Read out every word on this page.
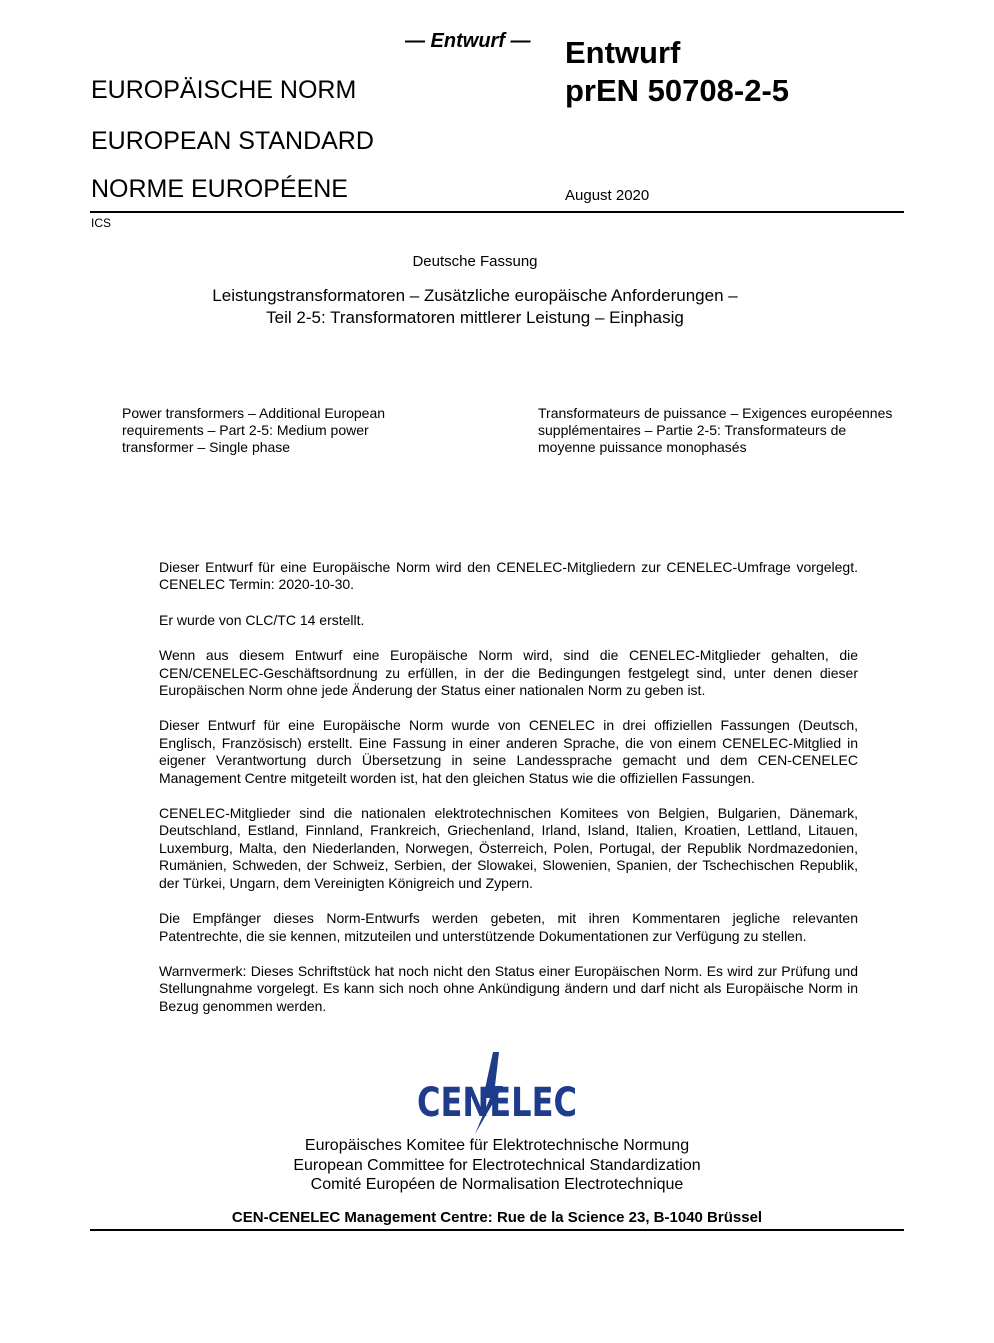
— Entwurf — Entwurf
prEN 50708-2-5
EUROPÄISCHE NORM
EUROPEAN STANDARD
NORME EUROPÉENE	August 2020
ICS
Deutsche Fassung
Leistungstransformatoren – Zusätzliche europäische Anforderungen –
Teil 2-5: Transformatoren mittlerer Leistung – Einphasig
Power transformers – Additional European requirements – Part 2-5: Medium power transformer – Single phase
Transformateurs de puissance – Exigences européennes supplémentaires – Partie 2-5: Transformateurs de moyenne puissance monophasés

Dieser Entwurf für eine Europäische Norm wird den CENELEC-Mitgliedern zur CENELEC-Umfrage vorgelegt. CENELEC Termin: 2020-10-30.

Er wurde von CLC/TC 14 erstellt.

Wenn aus diesem Entwurf eine Europäische Norm wird, sind die CENELEC-Mitglieder gehalten, die CEN/CENELEC-Geschäftsordnung zu erfüllen, in der die Bedingungen festgelegt sind, unter denen dieser Europäischen Norm ohne jede Änderung der Status einer nationalen Norm zu geben ist.

Dieser Entwurf für eine Europäische Norm wurde von CENELEC in drei offiziellen Fassungen (Deutsch, Englisch, Französisch) erstellt. Eine Fassung in einer anderen Sprache, die von einem CENELEC-Mitglied in eigener Verantwortung durch Übersetzung in seine Landessprache gemacht und dem CEN-CENELEC Management Centre mitgeteilt worden ist, hat den gleichen Status wie die offiziellen Fassungen.

CENELEC-Mitglieder sind die nationalen elektrotechnischen Komitees von Belgien, Bulgarien, Dänemark, Deutschland, Estland, Finnland, Frankreich, Griechenland, Irland, Island, Italien, Kroatien, Lettland, Litauen, Luxemburg, Malta, den Niederlanden, Norwegen, Österreich, Polen, Portugal, der Republik Nordmazedonien, Rumänien, Schweden, der Schweiz, Serbien, der Slowakei, Slowenien, Spanien, der Tschechischen Republik, der Türkei, Ungarn, dem Vereinigten Königreich und Zypern.

Die Empfänger dieses Norm-Entwurfs werden gebeten, mit ihren Kommentaren jegliche relevanten Patentrechte, die sie kennen, mitzuteilen und unterstützende Dokumentationen zur Verfügung zu stellen.

Warnvermerk: Dieses Schriftstück hat noch nicht den Status einer Europäischen Norm. Es wird zur Prüfung und Stellungnahme vorgelegt. Es kann sich noch ohne Ankündigung ändern und darf nicht als Europäische Norm in Bezug genommen werden.

CENELEC
Europäisches Komitee für Elektrotechnische Normung
European Committee for Electrotechnical Standardization
Comité Européen de Normalisation Electrotechnique
CEN-CENELEC Management Centre: Rue de la Science 23, B-1040 Brüssel
